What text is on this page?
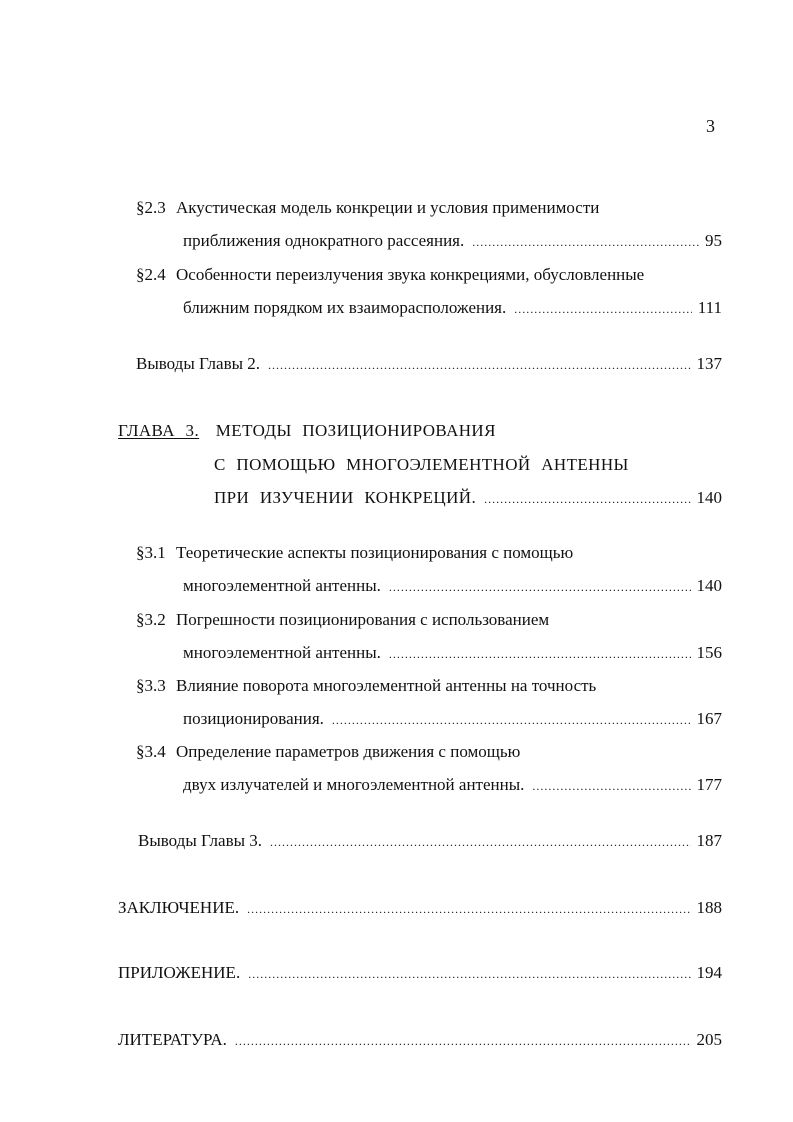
3
§2.3 Акустическая модель конкреции и условия применимости
приближения однократного рассеяния. .....	95
§2.4 Особенности переизлучения звука конкрециями, обусловленные
ближним порядком их взаиморасположения. .....	111
Выводы Главы 2. .....	137
ГЛАВА 3. МЕТОДЫ ПОЗИЦИОНИРОВАНИЯ
С ПОМОЩЬЮ МНОГОЭЛЕМЕНТНОЙ АНТЕННЫ
ПРИ ИЗУЧЕНИИ КОНКРЕЦИЙ. .....	140
§3.1 Теоретические аспекты позиционирования с помощью
многоэлементной антенны. .....	140
§3.2 Погрешности позиционирования с использованием
многоэлементной антенны. .....	156
§3.3 Влияние поворота многоэлементной антенны на точность
позиционирования. .....	167
§3.4 Определение параметров движения с помощью
двух излучателей и многоэлементной антенны. .....	177
Выводы Главы 3. .....	187
ЗАКЛЮЧЕНИЕ. .....	188
ПРИЛОЖЕНИЕ. .....	194
ЛИТЕРАТУРА. .....	205
